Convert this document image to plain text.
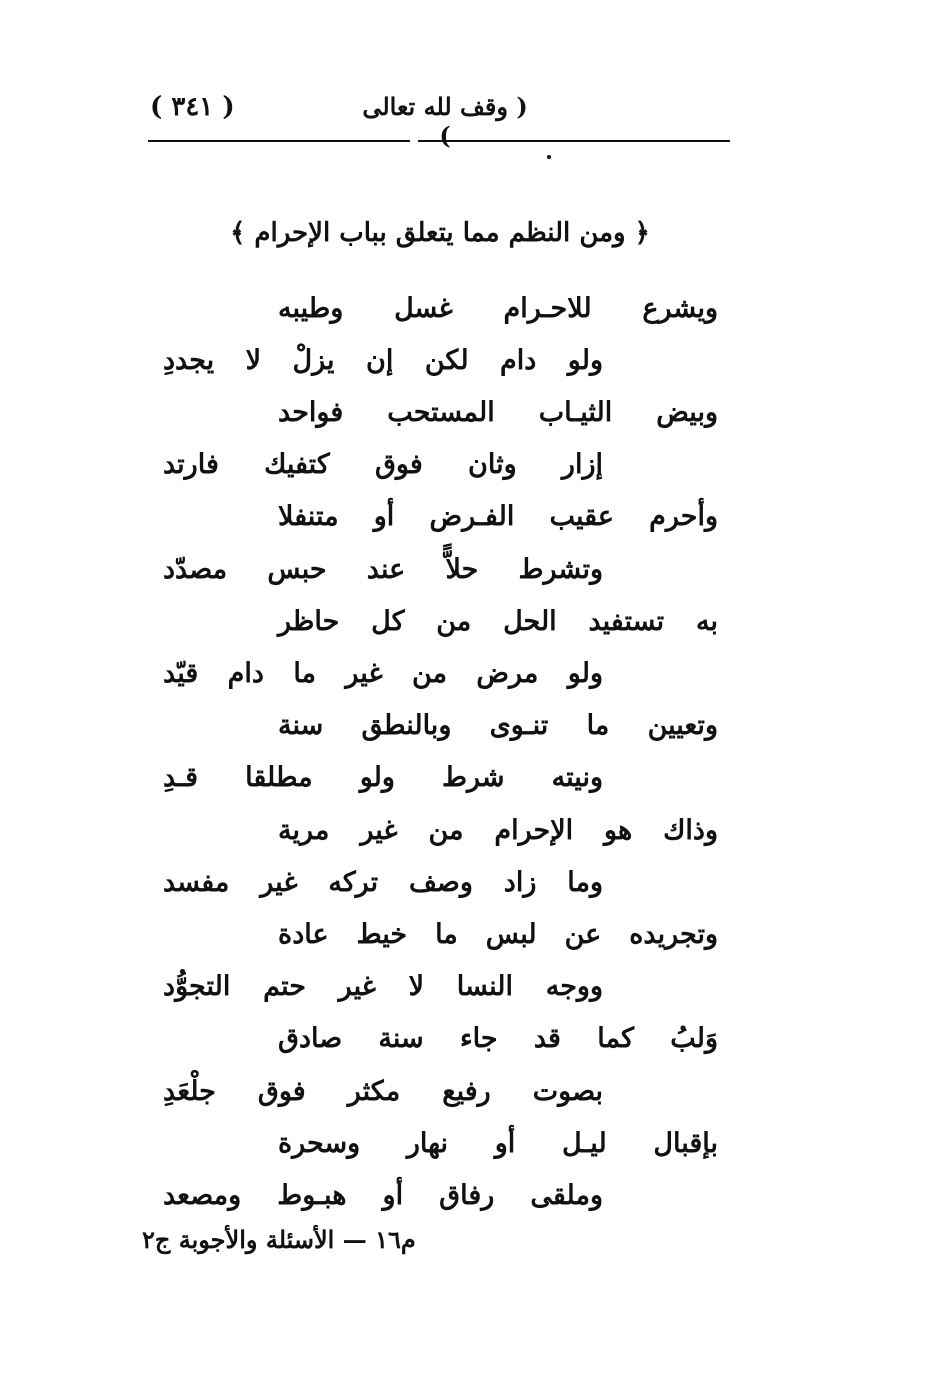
( ٣٤١ )	( وقف لله تعالى )
﴿ ومن النظم مما يتعلق بباب الإحرام ﴾
ويشرع
للاحـرام
غسل
وطيبه
ولو
دام
لكن
إن
يزلْ
لا
يجددِ
وبيض
الثيـاب
المستحب
فواحد
إزار
وثان
فوق
كتفيك
فارتد
وأحرم
عقيب
الفـرض
أو
متنفلا
وتشرط
حلاًّ
عند
حبس
مصدّد
به
تستفيد
الحل
من
كل
حاظر
ولو
مرض
من
غير
ما
دام
قيّد
وتعيين
ما
تنـوى
وبالنطق
سنة
ونيته
شرط
ولو
مطلقا
قـدِ
وذاك
هو
الإحرام
من
غير
مرية
وما
زاد
وصف
تركه
غير
مفسد
وتجريده
عن
لبس
ما
خيط
عادة
ووجه
النسا
لا
غير
حتم
التجوُّد
وَلبُ
كما
قد
جاء
سنة
صادق
بصوت
رفيع
مكثر
فوق
جلْعَدِ
بإقبال
ليـل
أو
نهار
وسحرة
وملقى
رفاق
أو
هبـوط
ومصعد
م١٦ — الأسئلة والأجوبة ج٢
